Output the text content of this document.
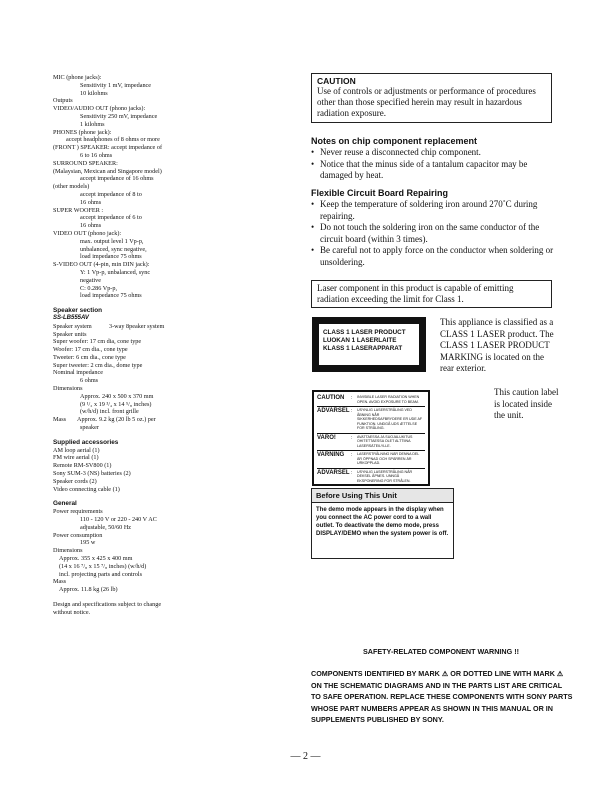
MIC (phone jacks):
Sensitivity 1 mV, impedance
10 kilohms
Outputs
VIDEO/AUDIO OUT (phono jacks):
Sensitivity 250 mV, impedance
1 kilohms
PHONES (phone jack):
accept headphones of 8 ohms or more
(FRONT ) SPEAKER: accept impedance of
6 to 16 ohms
SURROUND SPEAKER:
(Malaysian, Mexican and Singapore model)
accept impedance of 16 ohms
(other models)
accept impedance of 8 to
16 ohms
SUPER WOOFER :
accept impedance of 6 to
16 ohms
VIDEO OUT (phono jack):
max. output level 1 Vp-p,
unbalanced, sync negative,
load impedance 75 ohms
S-VIDEO OUT (4-pin, min DIN jack):
Y: 1 Vp-p, unbalanced, sync
negative
C: 0.286 Vp-p,
load impedance 75 ohms
Speaker section
SS-LB555AV
Speaker system	3-way 8peaker system
Speaker units
Super woofer: 17 cm dia, cone type
Woofer: 17 cm dia., cone type
Tweeter: 6 cm dia., cone type
Super tweeter: 2 cm dia., dome type
Nominal impedance
6 ohms
Dimensions
Approx. 240 x 500 x 370 mm
(9 ¹/₂ x 19 ³/₄ x 14 ⁵/₈ inches)
(w/h/d) incl. front grille
Mass	Approx. 9.2 kg (20 lb 5 oz.) per
speaker
Supplied accessories
AM loop aerial (1)
FM wire aerial (1)
Remote RM-SV800 (1)
Sony SUM-3 (NS) batteries (2)
Speaker cords (2)
Video connecting cable (1)
General
Power requirements
110 - 120 V or 220 - 240 V AC
adjustable, 50/60 Hz
Power consumption
195 w
Dimensions
Approx. 355 x 425 x 400 mm
(14 x 16 ⁷/₈ x 15 ⁷/₈ inches) (w/h/d)
incl. projecting parts and controls
Mass
Approx. 11.8 kg (26 lb)
Design and specifications subject to change
without notice.
CAUTION
Use of controls or adjustments or performance of procedures other than those specified herein may result in hazardous radiation exposure.
Notes on chip component replacement
• Never reuse a disconnected chip component.
• Notice that the minus side of a tantalum capacitor may be damaged by heat.
Flexible Circuit Board Repairing
• Keep the temperature of soldering iron around 270˚C during repairing.
• Do not touch the soldering iron on the same conductor of the circuit board (within 3 times).
• Be careful not to apply force on the conductor when soldering or unsoldering.
Laser component in this product is capable of emitting radiation exceeding the limit for Class 1.
CLASS 1 LASER PRODUCT
LUOKAN 1 LASERLAITE
KLASS 1 LASERAPPARAT
This appliance is classified as a CLASS 1 LASER product. The CLASS 1 LASER PRODUCT MARKING is located on the rear exterior.
This caution label is located inside the unit.
CAUTION	:	INVISIBLE LASER RADIATION WHEN OPEN. AVOID EXPOSURE TO BEAM.
ADVARSEL :	USYNLIG LASERSTRÅLING VED ÅBNING NÅR SIKKERHEDSAFBRYDERE ER UDE AF FUNKTION. UNDGÅ UDS ÆTTELSE FOR STRÅLING.
VARO!	:	AVATTAESSA JA SUOJALUKITUS OHITETTAESSA OLET ALTTIINA LASERSÄTEILYLLE.
VARNING	:	LASERSTRÅLNING NÄR DENNA DEL ÄR ÖPPNAD OCH SPÄRREN ÄR URKOPPLAD.
ADVARSEL :	USYNLIG LASERSTRÅLING NÅR DEKSEL ÅPNES. UNNGÅ EKSPONERING FOR STRÅLEN.
Before Using This Unit
The demo mode appears in the display when you connect the AC power cord to a wall outlet. To deactivate the demo mode, press DISPLAY/DEMO when the system power is off.
SAFETY-RELATED COMPONENT WARNING !!
COMPONENTS IDENTIFIED BY MARK ⚠ OR DOTTED LINE WITH MARK ⚠ ON THE SCHEMATIC DIAGRAMS AND IN THE PARTS LIST ARE CRITICAL TO SAFE OPERATION. REPLACE THESE COMPONENTS WITH SONY PARTS WHOSE PART NUMBERS APPEAR AS SHOWN IN THIS MANUAL OR IN SUPPLEMENTS PUBLISHED BY SONY.
— 2 —
